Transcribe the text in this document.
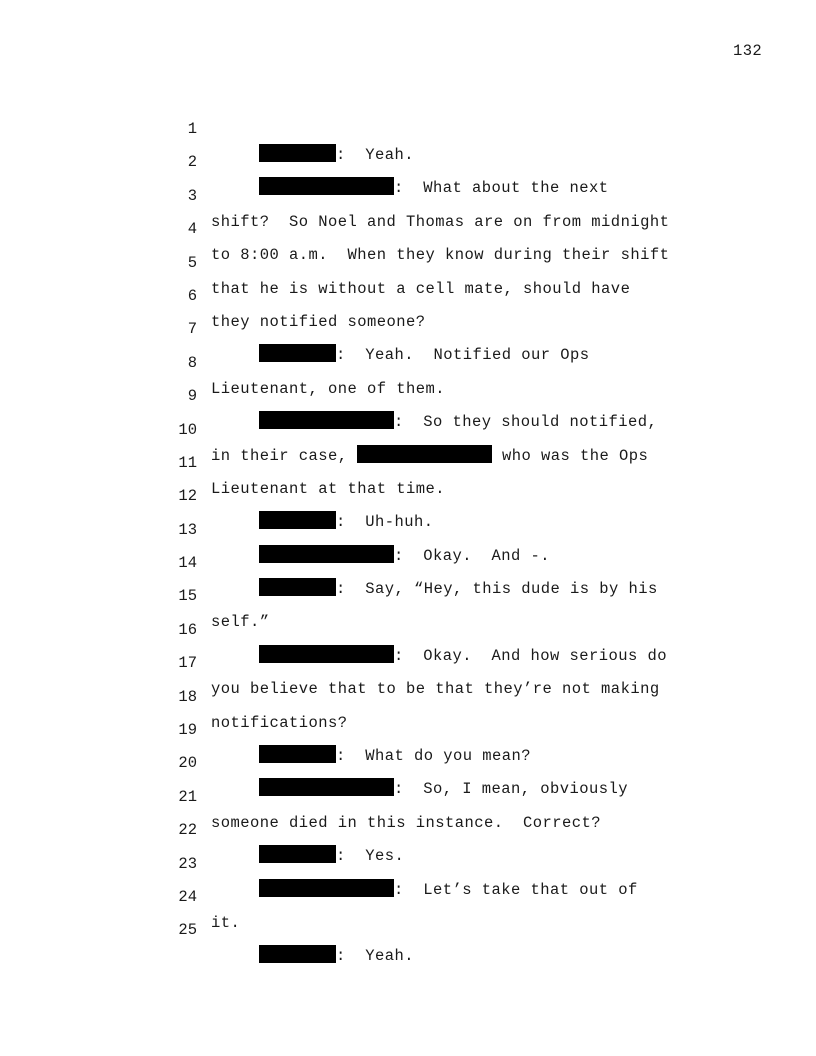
132

1

:  Yeah.

2

:  What about the next

3

shift?  So Noel and Thomas are on from midnight

4

to 8:00 a.m.  When they know during their shift

5

that he is without a cell mate, should have

6

they notified someone?

7

:  Yeah.  Notified our Ops

8

Lieutenant, one of them.

9

:  So they should notified,

10

in their case,	who was the Ops

11

Lieutenant at that time.

12

:  Uh-huh.

13

:  Okay.  And -.

14

:  Say, “Hey, this dude is by his

15

self.”

16

:  Okay.  And how serious do

17

you believe that to be that they’re not making

18

notifications?

19

:  What do you mean?

20

:  So, I mean, obviously

21

someone died in this instance.  Correct?

22

:  Yes.

23

:  Let’s take that out of

24

it.

25

:  Yeah.
